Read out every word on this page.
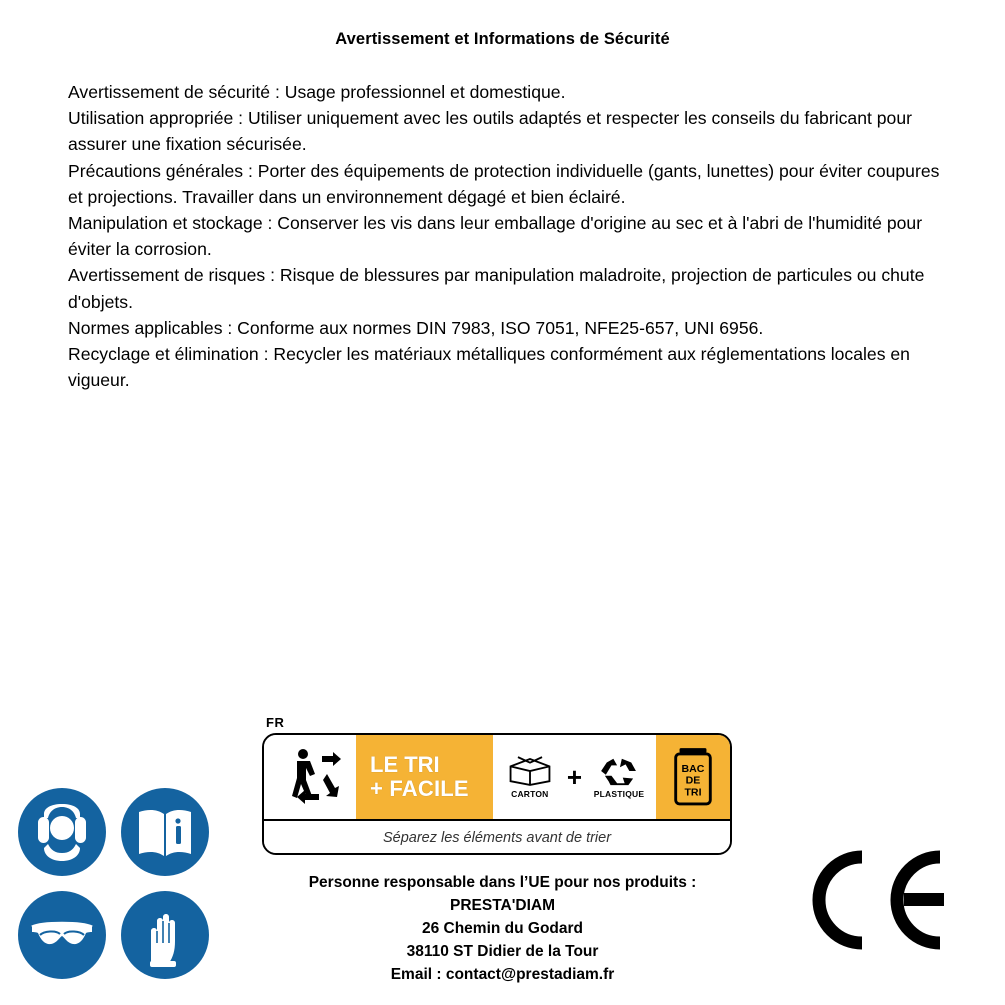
Avertissement et Informations de Sécurité

Avertissement de sécurité : Usage professionnel et domestique.

Utilisation appropriée : Utiliser uniquement avec les outils adaptés et respecter les conseils du fabricant pour assurer une fixation sécurisée.

Précautions générales : Porter des équipements de protection individuelle (gants, lunettes) pour éviter coupures et projections. Travailler dans un environnement dégagé et bien éclairé.

Manipulation et stockage : Conserver les vis dans leur emballage d'origine au sec et à l'abri de l'humidité pour éviter la corrosion.

Avertissement de risques : Risque de blessures par manipulation maladroite, projection de particules ou chute d'objets.

Normes applicables : Conforme aux normes DIN 7983, ISO 7051, NFE25-657, UNI 6956.

Recyclage et élimination : Recycler les matériaux métalliques conformément aux réglementations locales en vigueur.

FR
LE TRI
+ FACILE	CARTON
+
PLASTIQUE
BAC
DE
TRI
Séparez les éléments avant de trier
Personne responsable dans l’UE pour nos produits :
PRESTA'DIAM
26 Chemin du Godard
38110 ST Didier de la Tour
Email : contact@prestadiam.fr
